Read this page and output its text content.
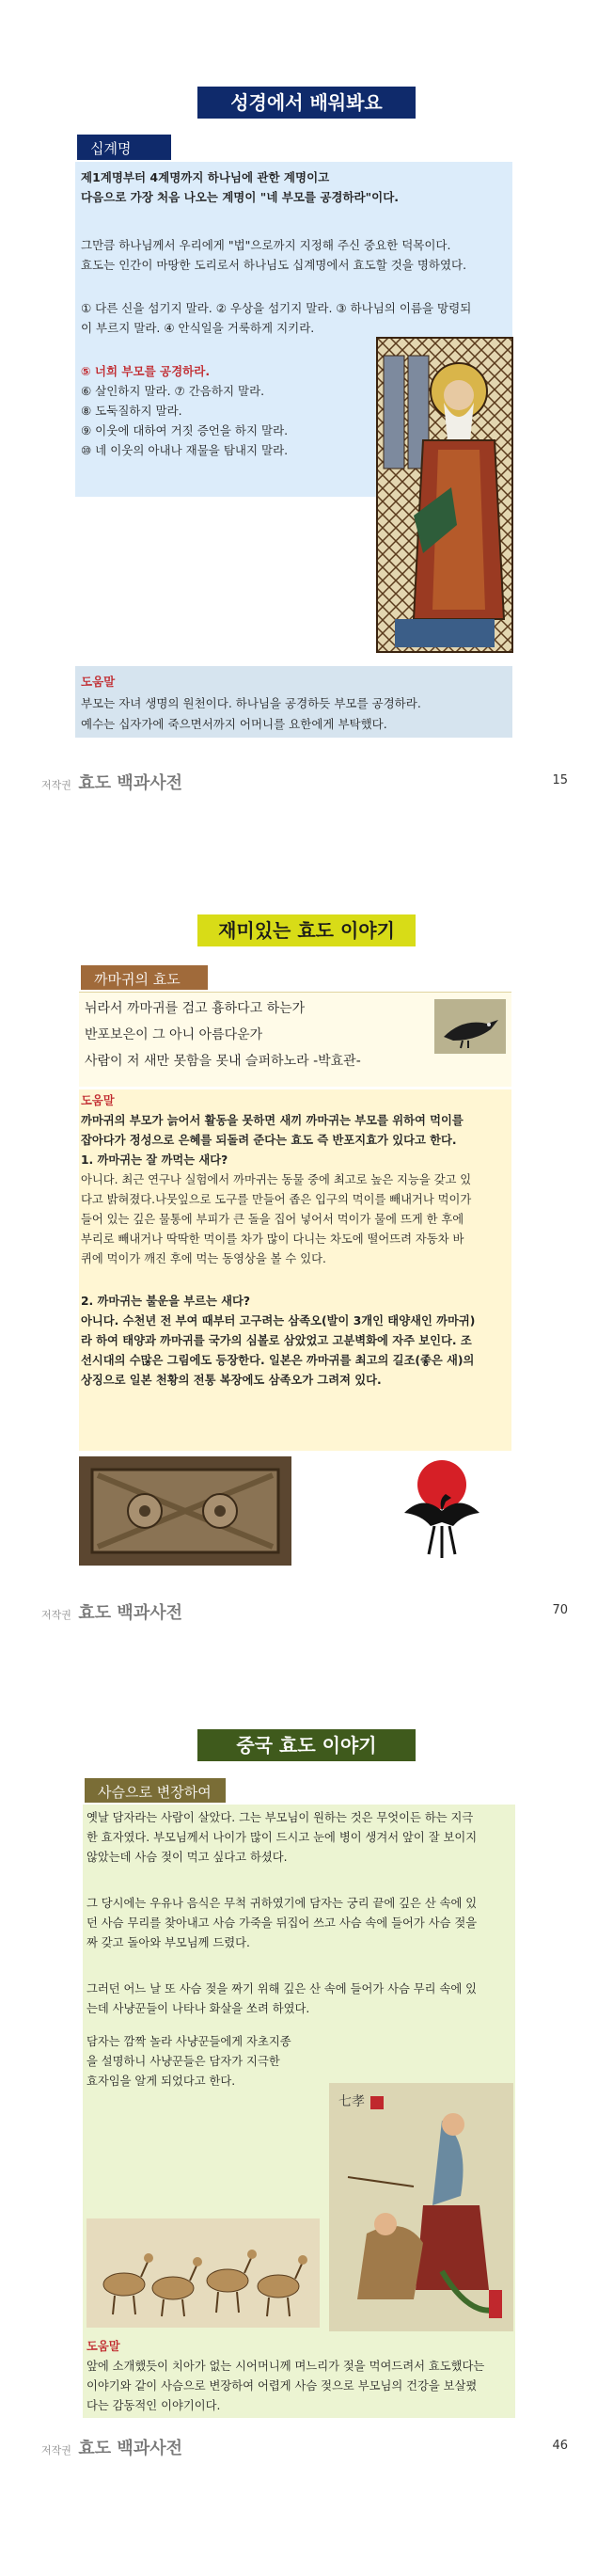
성경에서 배워봐요
십계명
제1계명부터 4계명까지 하나님에 관한 계명이고
다음으로 가장 처음 나오는 계명이 "네 부모를 공경하라"이다.
그만큼 하나님께서 우리에게 "법"으로까지 지정해 주신 중요한 덕목이다.
효도는 인간이 마땅한 도리로서 하나님도 십계명에서 효도할 것을 명하였다.
① 다른 신을 섬기지 말라. ② 우상을 섬기지 말라. ③ 하나님의 이름을 망령되
이 부르지 말라. ④ 안식일을 거룩하게 지키라.
⑤ 너희 부모를 공경하라.
⑥ 살인하지 말라. ⑦ 간음하지 말라.
⑧ 도둑질하지 말라.
⑨ 이웃에 대하여 거짓 증언을 하지 말라.
⑩ 네 이웃의 아내나 재물을 탐내지 말라.
도움말
부모는 자녀 생명의 원천이다. 하나님을 공경하듯 부모를 공경하라.
예수는 십자가에 죽으면서까지 어머니를 요한에게 부탁했다.
저작권 효도 백과사전	15
재미있는 효도 이야기
까마귀의 효도
뉘라서 까마귀를 검고 흉하다고 하는가
반포보은이 그 아니 아름다운가
사람이 저 새만 못함을 못내 슬퍼하노라 -박효관-
도움말
까마귀의 부모가 늙어서 활동을 못하면 새끼 까마귀는 부모를 위하여 먹이를
잡아다가 정성으로 은혜를 되돌려 준다는 효도 즉 반포지효가 있다고 한다.
1. 까마귀는 잘 까먹는 새다?
아니다. 최근 연구나 실험에서 까마귀는 동물 중에 최고로 높은 지능을 갖고 있
다고 밝혀졌다.나뭇잎으로 도구를 만들어 좁은 입구의 먹이를 빼내거나 먹이가
들어 있는 깊은 물통에 부피가 큰 돌을 집어 넣어서 먹이가 물에 뜨게 한 후에
부리로 빼내거나 딱딱한 먹이를 차가 많이 다니는 차도에 떨어뜨려 자동차 바
퀴에 먹이가 깨진 후에 먹는 동영상을 볼 수 있다.
2. 까마귀는 불운을 부르는 새다?
아니다. 수천년 전 부여 때부터 고구려는 삼족오(발이 3개인 태양새인 까마귀)
라 하여 태양과 까마귀를 국가의 심볼로 삼았었고 고분벽화에 자주 보인다. 조
선시대의 수많은 그림에도 등장한다. 일본은 까마귀를 최고의 길조(좋은 새)의
상징으로 일본 천황의 전통 복장에도 삼족오가 그려져 있다.
저작권 효도 백과사전	70
중국 효도 이야기
사슴으로 변장하여
옛날 담자라는 사람이 살았다. 그는 부모님이 원하는 것은 무엇이든 하는 지극
한 효자였다. 부모님께서 나이가 많이 드시고 눈에 병이 생겨서 앞이 잘 보이지
않았는데 사슴 젖이 먹고 싶다고 하셨다.
그 당시에는 우유나 음식은 무척 귀하였기에 담자는 궁리 끝에 깊은 산 속에 있
던 사슴 무리를 찾아내고 사슴 가죽을 뒤집어 쓰고 사슴 속에 들어가 사슴 젖을
짜 갖고 돌아와 부모님께 드렸다.
그러던 어느 날 또 사슴 젖을 짜기 위해 깊은 산 속에 들어가 사슴 무리 속에 있
는데 사냥꾼들이 나타나 화살을 쏘려 하였다.
담자는 깜짝 놀라 사냥꾼들에게 자초지종
을 설명하니 사냥꾼들은 담자가 지극한
효자임을 알게 되었다고 한다.
七孝
도움말
앞에 소개했듯이 치아가 없는 시어머니께 며느리가 젖을 먹여드려서 효도했다는
이야기와 같이 사슴으로 변장하여 어렵게 사슴 젖으로 부모님의 건강을 보살폈
다는 감동적인 이야기이다.
저작권 효도 백과사전	46
